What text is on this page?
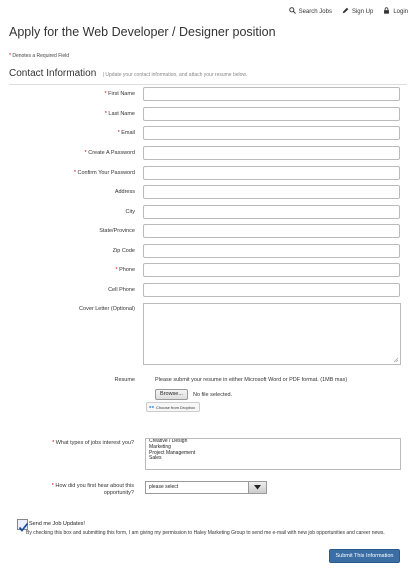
Search Jobs	Sign Up	Login
Apply for the Web Developer / Designer position
* Denotes a Required Field
Contact Information | Update your contact information, and attach your resume below.
* First Name
* Last Name
* Email
* Create A Password
* Confirm Your Password
Address
City
State/Province
Zip Code
* Phone
Cell Phone
Cover Letter (Optional)
Resume	Please submit your resume in either Microsoft Word or PDF format. (1MB max)
Browse...	No file selected.
Choose from Dropbox
* What types of jobs interest you?	Creative / Design
Marketing
Project Management
Sales
* How did you first hear about this
opportunity?
please select
Send me Job Updates!
By checking this box and submitting this form, I am giving my permission to Haley Marketing Group to send me e-mail with new job opportunities and career news.
Submit This Information
